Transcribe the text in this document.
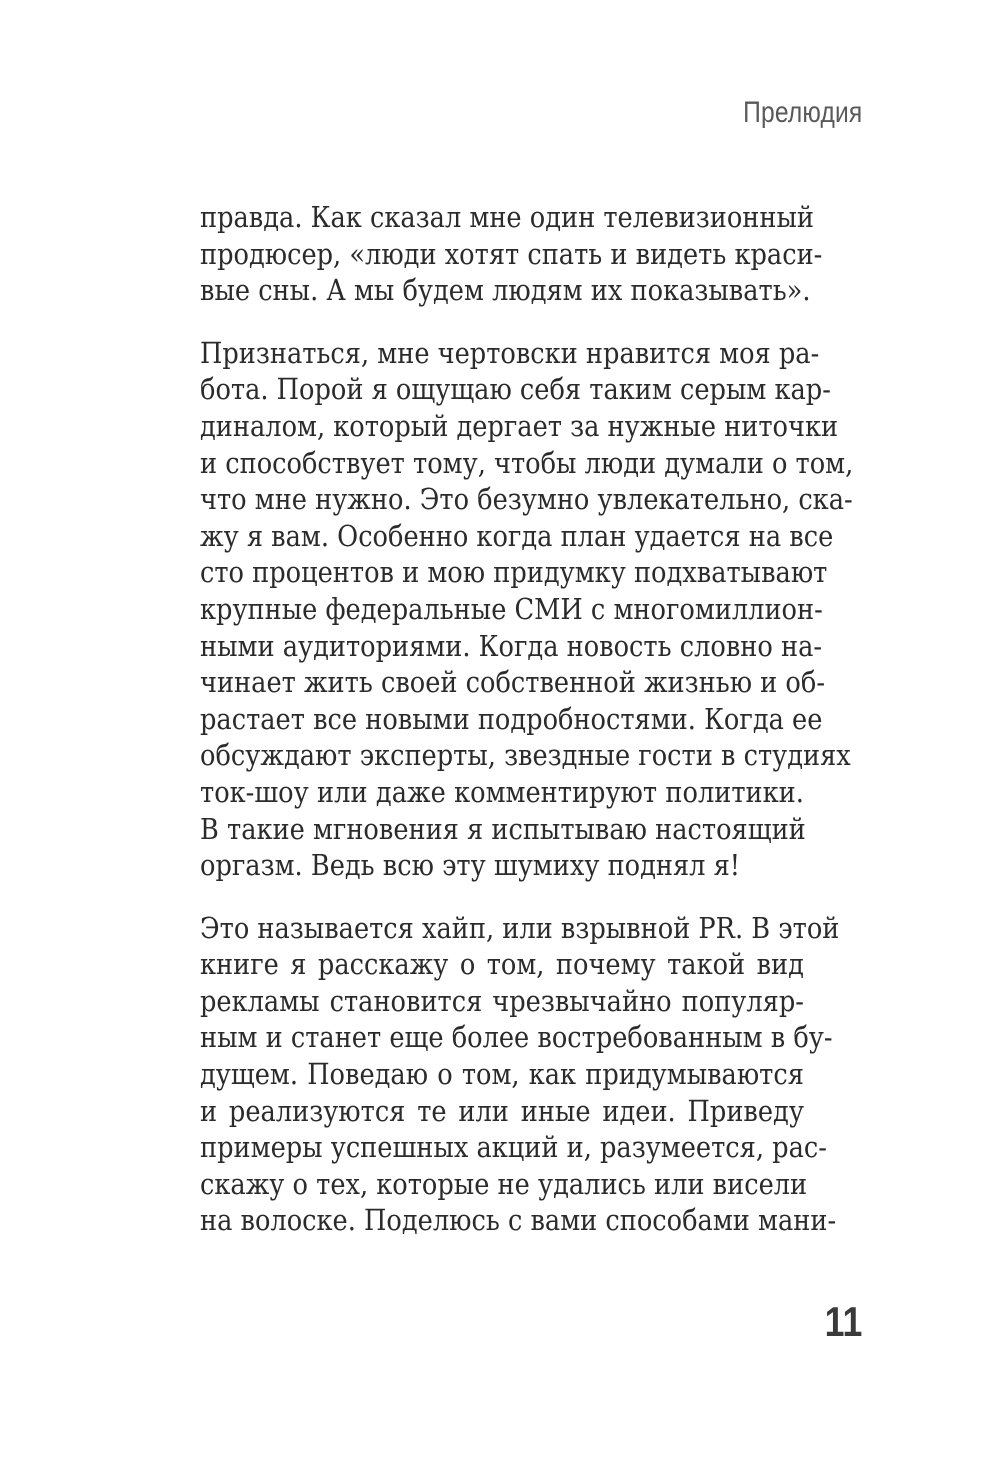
Прелюдия

правда. Как сказал мне один телевизионный
продюсер, «люди хотят спать и видеть краси-
вые сны. А мы будем людям их показывать».

Признаться, мне чертовски нравится моя ра-
бота. Порой я ощущаю себя таким серым кар-
диналом, который дергает за нужные ниточки
и способствует тому, чтобы люди думали о том,
что мне нужно. Это безумно увлекательно, ска-
жу я вам. Особенно когда план удается на все
сто процентов и мою придумку подхватывают
крупные федеральные СМИ с многомиллион-
ными аудиториями. Когда новость словно на-
чинает жить своей собственной жизнью и об-
растает все новыми подробностями. Когда ее
обсуждают эксперты, звездные гости в студиях
ток-шоу или даже комментируют политики.
В такие мгновения я испытываю настоящий
оргазм. Ведь всю эту шумиху поднял я!

Это называется хайп, или взрывной PR. В этой
книге я расскажу о том, почему такой вид
рекламы становится чрезвычайно популяр-
ным и станет еще более востребованным в бу-
дущем. Поведаю о том, как придумываются
и реализуются те или иные идеи. Приведу
примеры успешных акций и, разумеется, рас-
скажу о тех, которые не удались или висели
на волоске. Поделюсь с вами способами мани-

11
